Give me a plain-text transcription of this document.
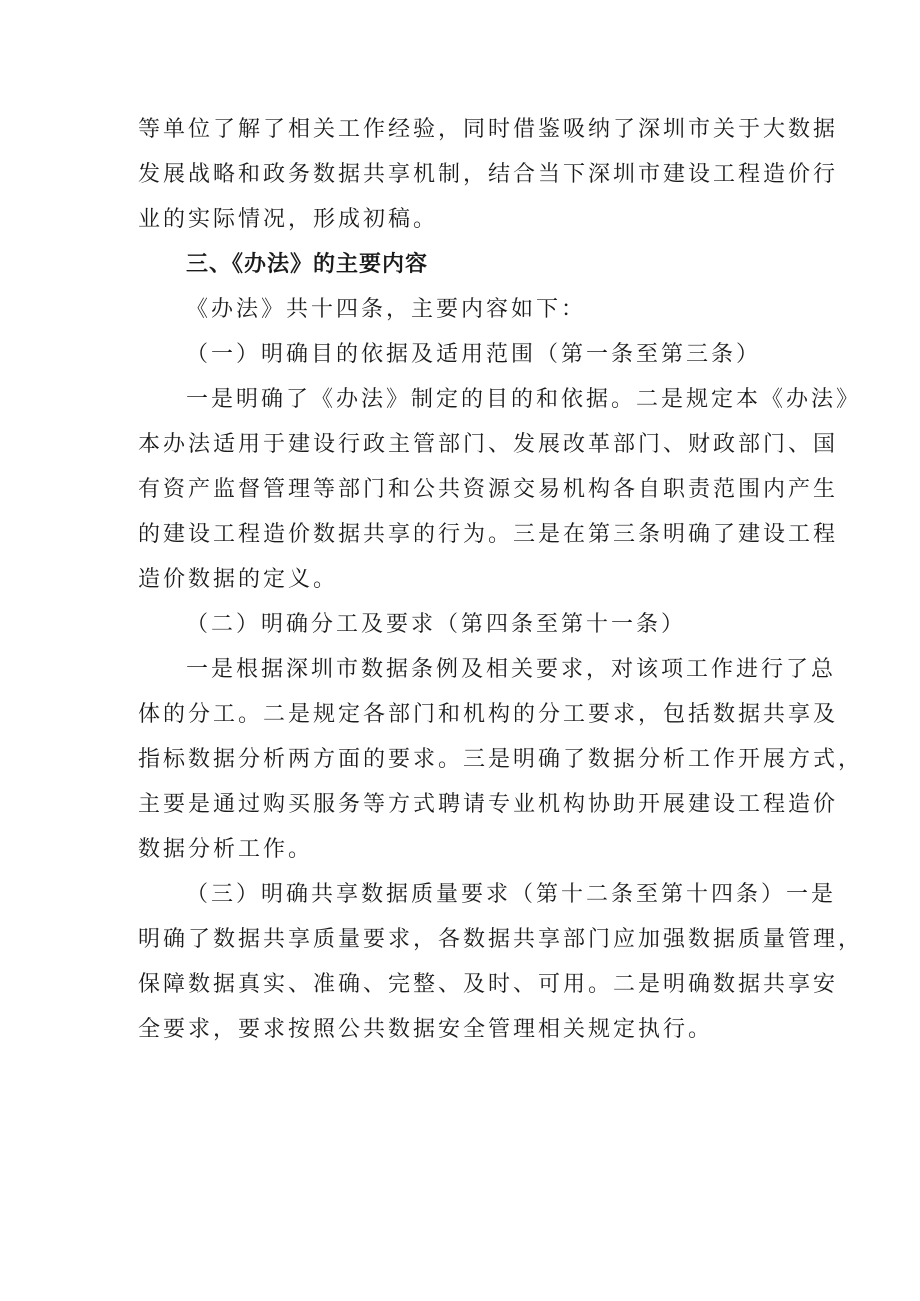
等单位了解了相关工作经验，同时借鉴吸纳了深圳市关于大数据
发展战略和政务数据共享机制，结合当下深圳市建设工程造价行
业的实际情况，形成初稿。
三、《办法》的主要内容
《办法》共十四条，主要内容如下：
（一）明确目的依据及适用范围（第一条至第三条）
一是明确了《办法》制定的目的和依据。二是规定本《办法》
本办法适用于建设行政主管部门、发展改革部门、财政部门、国
有资产监督管理等部门和公共资源交易机构各自职责范围内产生
的建设工程造价数据共享的行为。三是在第三条明确了建设工程
造价数据的定义。
（二）明确分工及要求（第四条至第十一条）
一是根据深圳市数据条例及相关要求，对该项工作进行了总
体的分工。二是规定各部门和机构的分工要求，包括数据共享及
指标数据分析两方面的要求。三是明确了数据分析工作开展方式，
主要是通过购买服务等方式聘请专业机构协助开展建设工程造价
数据分析工作。
（三）明确共享数据质量要求（第十二条至第十四条）一是
明确了数据共享质量要求，各数据共享部门应加强数据质量管理，
保障数据真实、准确、完整、及时、可用。二是明确数据共享安
全要求，要求按照公共数据安全管理相关规定执行。
